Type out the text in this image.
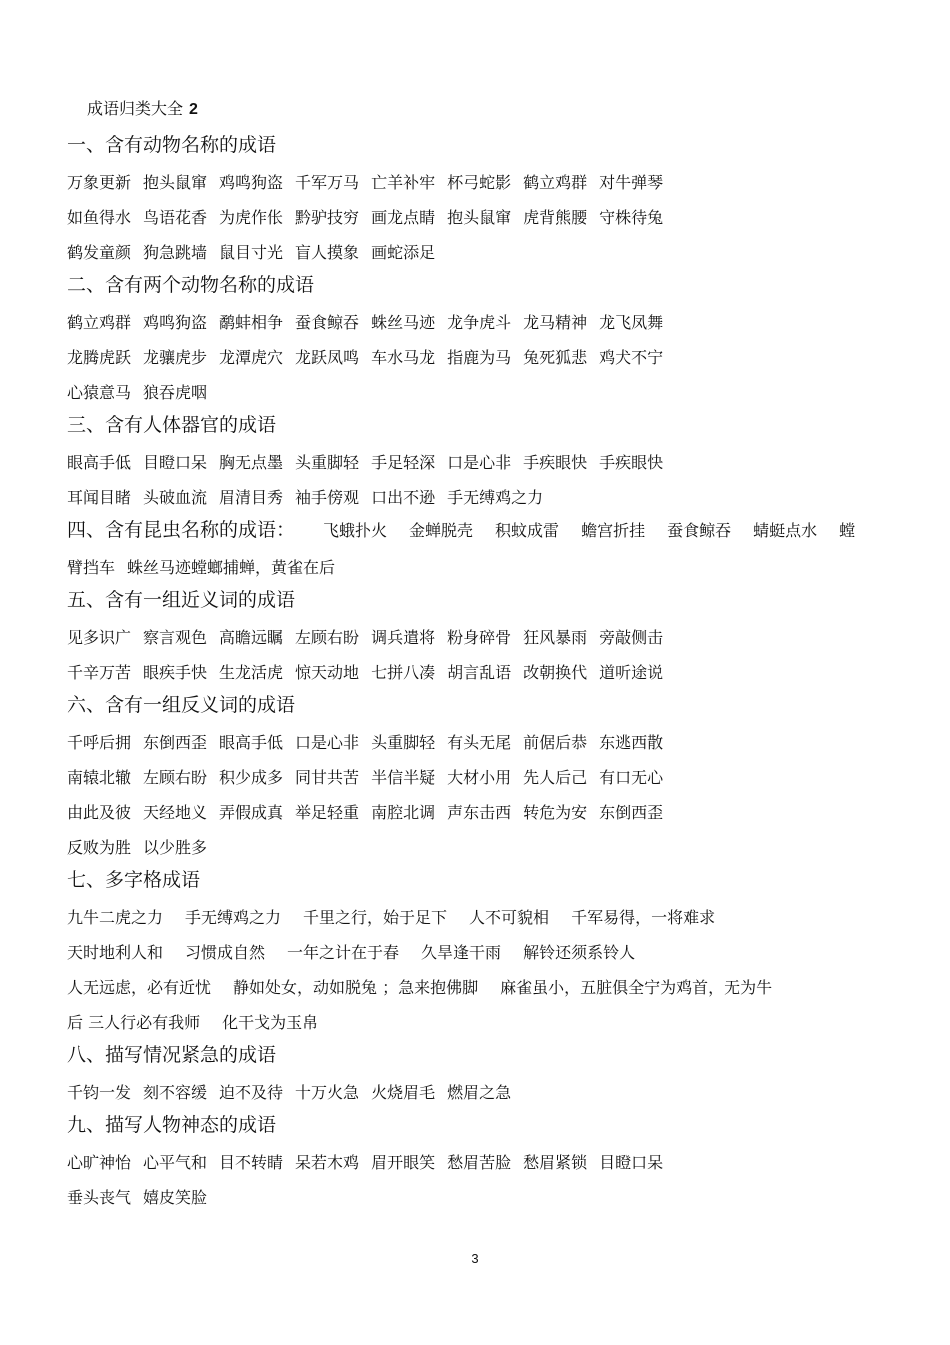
成语归类大全 2
一、含有动物名称的成语
万象更新 抱头鼠窜 鸡鸣狗盗 千军万马 亡羊补牢 杯弓蛇影 鹤立鸡群 对牛弹琴
如鱼得水 鸟语花香 为虎作伥 黔驴技穷 画龙点睛 抱头鼠窜 虎背熊腰 守株待兔
鹤发童颜 狗急跳墙 鼠目寸光 盲人摸象 画蛇添足
二、含有两个动物名称的成语
鹤立鸡群 鸡鸣狗盗 鹬蚌相争 蚕食鲸吞 蛛丝马迹 龙争虎斗 龙马精神 龙飞凤舞
龙腾虎跃 龙骧虎步 龙潭虎穴 龙跃凤鸣 车水马龙 指鹿为马 兔死狐悲 鸡犬不宁
心猿意马 狼吞虎咽
三、含有人体器官的成语
眼高手低 目瞪口呆 胸无点墨 头重脚轻 手足轻深 口是心非 手疾眼快 手疾眼快
耳闻目睹 头破血流 眉清目秀 袖手傍观 口出不逊 手无缚鸡之力
四、含有昆虫名称的成语： 飞蛾扑火 金蝉脱壳 积蚊成雷 蟾宫折挂 蚕食鲸吞 蜻蜓点水 螳
臂挡车 蛛丝马迹螳螂捕蝉，黄雀在后
五、含有一组近义词的成语
见多识广 察言观色 高瞻远瞩 左顾右盼 调兵遣将 粉身碎骨 狂风暴雨 旁敲侧击
千辛万苦 眼疾手快 生龙活虎 惊天动地 七拼八凑 胡言乱语 改朝换代 道听途说
六、含有一组反义词的成语
千呼后拥 东倒西歪 眼高手低 口是心非 头重脚轻 有头无尾 前倨后恭 东逃西散
南辕北辙 左顾右盼 积少成多 同甘共苦 半信半疑 大材小用 先人后己 有口无心
由此及彼 天经地义 弄假成真 举足轻重 南腔北调 声东击西 转危为安 东倒西歪
反败为胜 以少胜多
七、多字格成语
九牛二虎之力 手无缚鸡之力 千里之行，始于足下 人不可貌相 千军易得，一将难求
天时地利人和 习惯成自然 一年之计在于春 久旱逢干雨 解铃还须系铃人
人无远虑，必有近忧 静如处女，动如脱兔 ；急来抱佛脚 麻雀虽小，五脏俱全宁为鸡首，无为牛
后 三人行必有我师 化干戈为玉帛
八、描写情况紧急的成语
千钧一发 刻不容缓 迫不及待 十万火急 火烧眉毛 燃眉之急
九、描写人物神态的成语
心旷神怡 心平气和 目不转睛 呆若木鸡 眉开眼笑 愁眉苦脸 愁眉紧锁 目瞪口呆
垂头丧气 嬉皮笑脸
3
